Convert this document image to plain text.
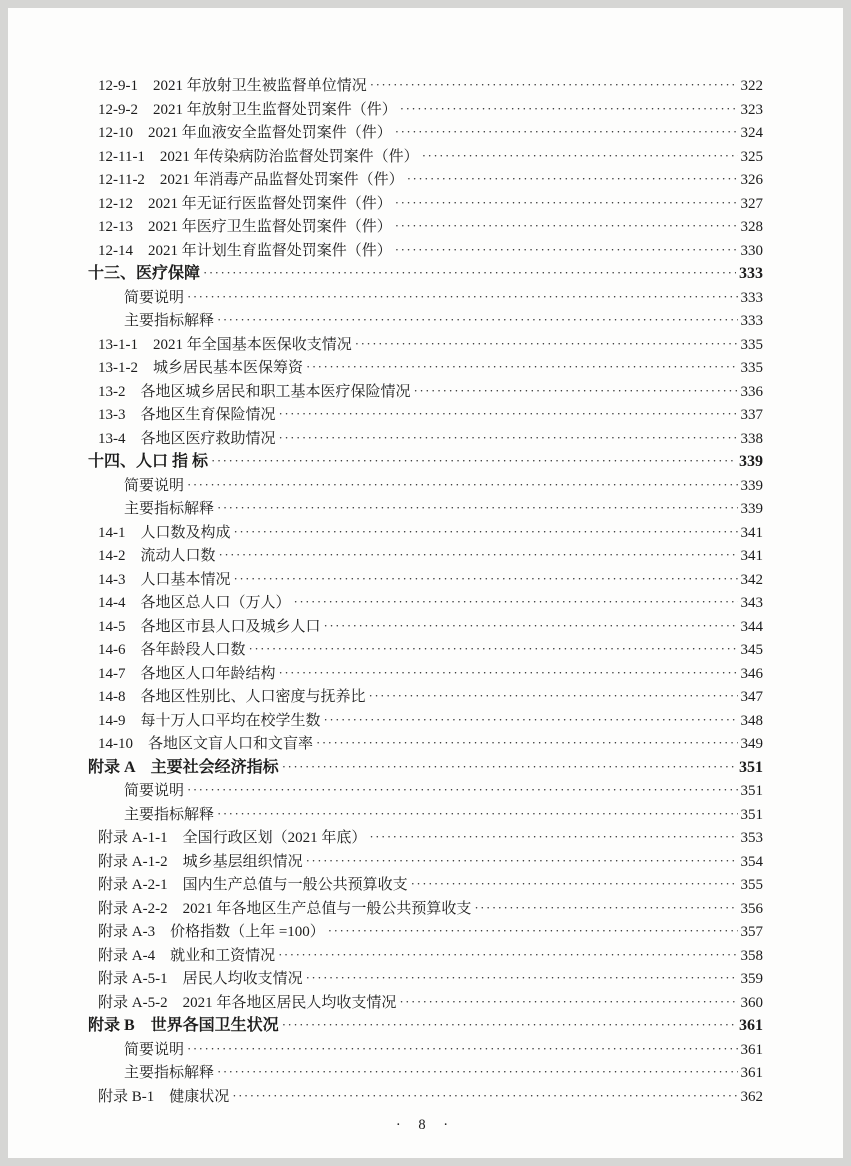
12-9-1　2021 年放射卫生被监督单位情况 ·····	322
12-9-2　2021 年放射卫生监督处罚案件（件） ·····	323
12-10　2021 年血液安全监督处罚案件（件） ·····	324
12-11-1　2021 年传染病防治监督处罚案件（件） ·····	325
12-11-2　2021 年消毒产品监督处罚案件（件） ·····	326
12-12　2021 年无证行医监督处罚案件（件） ·····	327
12-13　2021 年医疗卫生监督处罚案件（件） ·····	328
12-14　2021 年计划生育监督处罚案件（件） ·····	330
十三、医疗保障 ·····	333
简要说明 ·····	333
主要指标解释 ·····	333
13-1-1　2021 年全国基本医保收支情况 ·····	335
13-1-2　城乡居民基本医保筹资 ·····	335
13-2　各地区城乡居民和职工基本医疗保险情况 ·····	336
13-3　各地区生育保险情况 ·····	337
13-4　各地区医疗救助情况 ·····	338
十四、人口 指 标 ·····	339
简要说明 ·····	339
主要指标解释 ·····	339
14-1　人口数及构成 ·····	341
14-2　流动人口数 ·····	341
14-3　人口基本情况 ·····	342
14-4　各地区总人口（万人） ·····	343
14-5　各地区市县人口及城乡人口 ·····	344
14-6　各年龄段人口数 ·····	345
14-7　各地区人口年龄结构 ·····	346
14-8　各地区性别比、人口密度与抚养比 ·····	347
14-9　每十万人口平均在校学生数 ·····	348
14-10　各地区文盲人口和文盲率 ·····	349
附录 A　主要社会经济指标 ·····	351
简要说明 ·····	351
主要指标解释 ·····	351
附录 A-1-1　全国行政区划（2021 年底） ·····	353
附录 A-1-2　城乡基层组织情况 ·····	354
附录 A-2-1　国内生产总值与一般公共预算收支 ·····	355
附录 A-2-2　2021 年各地区生产总值与一般公共预算收支 ·····	356
附录 A-3　价格指数（上年 =100） ·····	357
附录 A-4　就业和工资情况 ·····	358
附录 A-5-1　居民人均收支情况 ·····	359
附录 A-5-2　2021 年各地区居民人均收支情况 ·····	360
附录 B　世界各国卫生状况 ·····	361
简要说明 ·····	361
主要指标解释 ·····	361
附录 B-1　健康状况 ·····	362
· 8 ·
